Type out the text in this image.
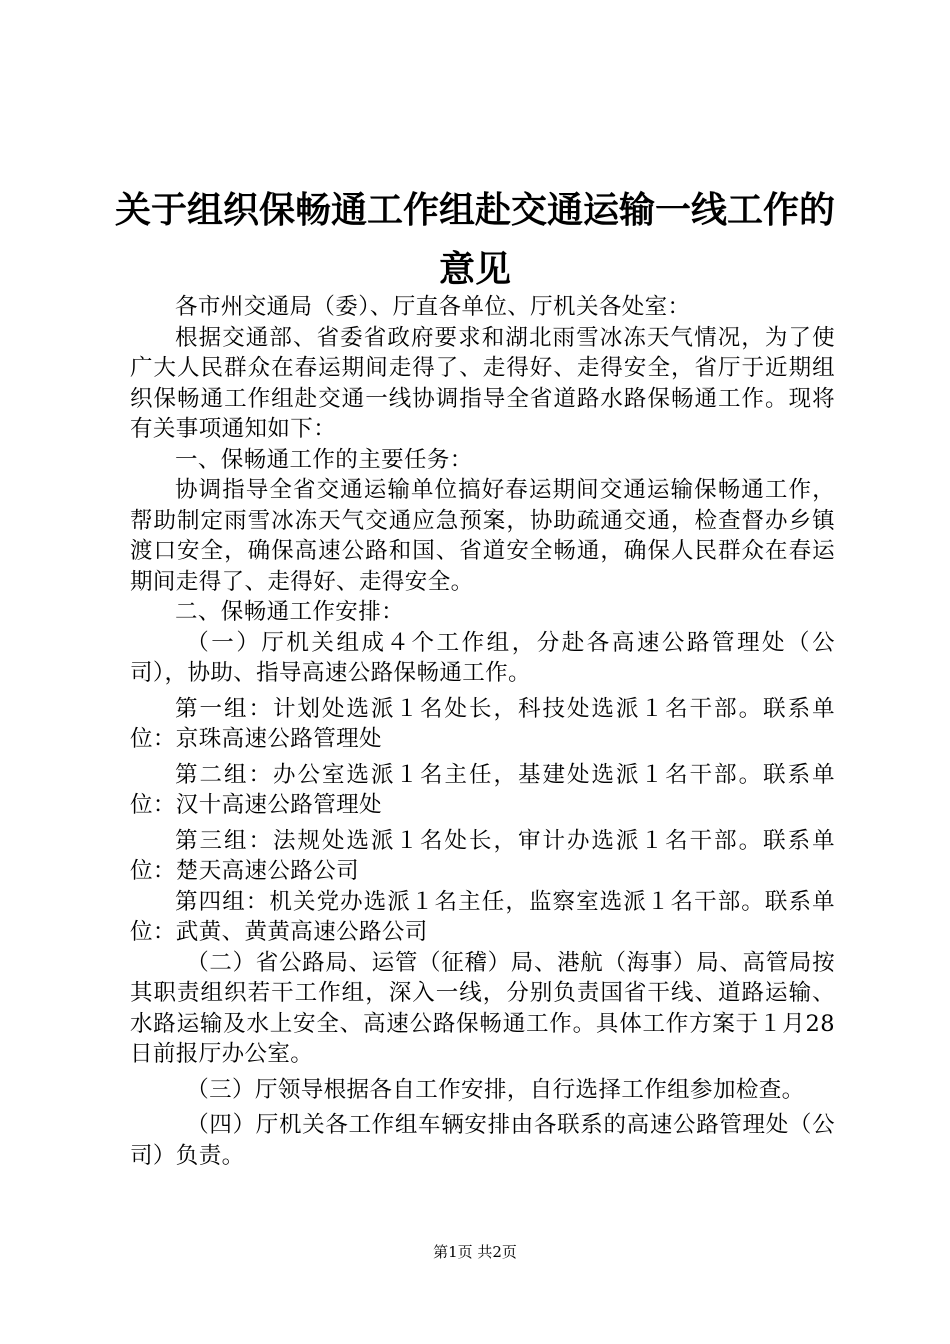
关于组织保畅通工作组赴交通运输一线工作的
意见

各市州交通局（委）、厅直各单位、厅机关各处室：

根据交通部、省委省政府要求和湖北雨雪冰冻天气情况，为了使广大人民群众在春运期间走得了、走得好、走得安全，省厅于近期组织保畅通工作组赴交通一线协调指导全省道路水路保畅通工作。现将有关事项通知如下：

一、保畅通工作的主要任务：

协调指导全省交通运输单位搞好春运期间交通运输保畅通工作，帮助制定雨雪冰冻天气交通应急预案，协助疏通交通，检查督办乡镇渡口安全，确保高速公路和国、省道安全畅通，确保人民群众在春运期间走得了、走得好、走得安全。

二、保畅通工作安排：

（一）厅机关组成４个工作组，分赴各高速公路管理处（公司），协助、指导高速公路保畅通工作。

第一组：计划处选派１名处长，科技处选派１名干部。联系单位：京珠高速公路管理处

第二组：办公室选派１名主任，基建处选派１名干部。联系单位：汉十高速公路管理处

第三组：法规处选派１名处长，审计办选派１名干部。联系单位：楚天高速公路公司

第四组：机关党办选派１名主任，监察室选派１名干部。联系单位：武黄、黄黄高速公路公司

（二）省公路局、运管（征稽）局、港航（海事）局、高管局按其职责组织若干工作组，深入一线，分别负责国省干线、道路运输、水路运输及水上安全、高速公路保畅通工作。具体工作方案于１月28日前报厅办公室。

（三）厅领导根据各自工作安排，自行选择工作组参加检查。

（四）厅机关各工作组车辆安排由各联系的高速公路管理处（公司）负责。

第1页 共2页
